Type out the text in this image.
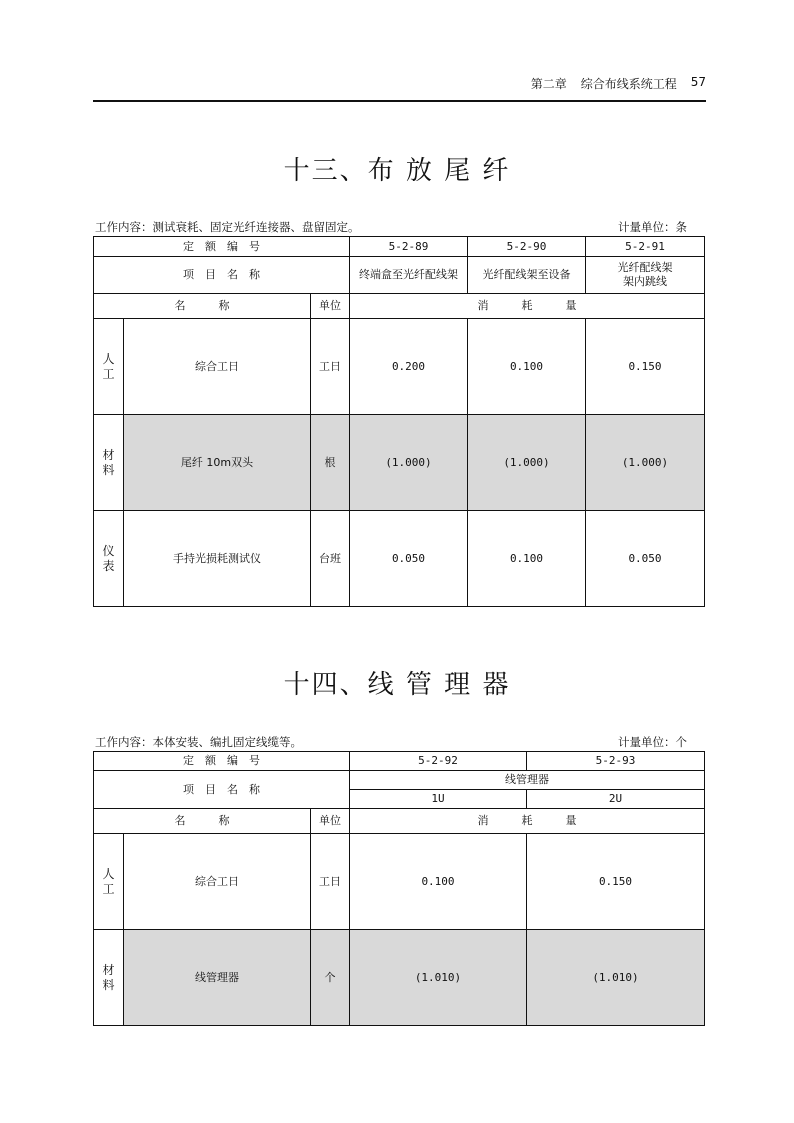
第二章 综合布线系统工程 57
十三、布 放 尾 纤
工作内容：测试衰耗、固定光纤连接器、盘留固定。	计量单位：条
定　额　编　号			5-2-89	5-2-90	5-2-91
项　目　名　称			终端盒至光纤配线架	光纤配线架至设备	光纤配线架
架内跳线
名　　　称		单位	消　　　耗　　　量		
人
工	综合工日	工日	0.200	0.100	0.150
材
料	尾纤 10m双头	根	(1.000)	(1.000)	(1.000)
仪
表	手持光损耗测试仪	台班	0.050	0.100	0.050
十四、线 管 理 器
工作内容：本体安装、编扎固定线缆等。	计量单位：个
定　额　编　号			5-2-92	5-2-93
项　目　名　称			线管理器	
			1U	2U
名　　　称		单位	消　　　耗　　　量	
人
工	综合工日	工日	0.100	0.150
材
料	线管理器	个	(1.010)	(1.010)
